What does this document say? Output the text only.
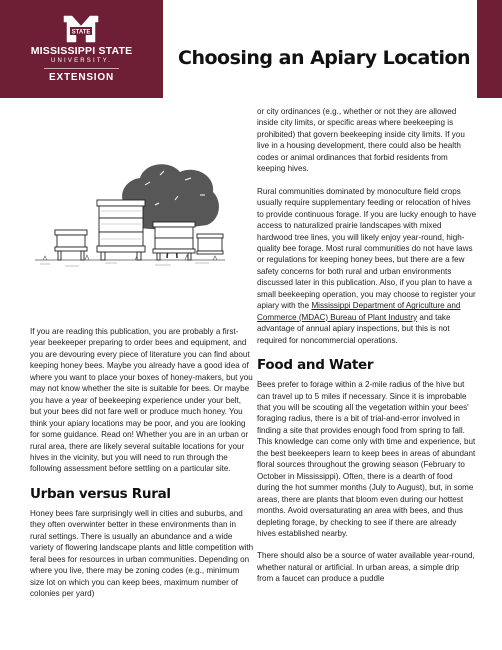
STATE
MISSISSIPPI STATE
UNIVERSITY.
EXTENSION
Choosing an Apiary Location

If you are reading this publication, you are probably a first-year beekeeper preparing to order bees and equipment, and you are devouring every piece of literature you can find about keeping honey bees. Maybe you already have a good idea of where you want to place your boxes of honey-makers, but you may not know whether the site is suitable for bees. Or maybe you have a year of beekeeping experience under your belt, but your bees did not fare well or produce much honey. You think your apiary locations may be poor, and you are looking for some guidance. Read on! Whether you are in an urban or rural area, there are likely several suitable locations for your hives in the vicinity, but you will need to run through the following assessment before settling on a particular site.

Urban versus Rural

Honey bees fare surprisingly well in cities and suburbs, and they often overwinter better in these environments than in rural settings. There is usually an abundance and a wide variety of flowering landscape plants and little competition with feral bees for resources in urban communities. Depending on where you live, there may be zoning codes (e.g., minimum size lot on which you can keep bees, maximum number of colonies per yard)

or city ordinances (e.g., whether or not they are allowed inside city limits, or specific areas where beekeeping is prohibited) that govern beekeeping inside city limits. If you live in a housing development, there could also be health codes or animal ordinances that forbid residents from keeping hives.

Rural communities dominated by monoculture field crops usually require supplementary feeding or relocation of hives to provide continuous forage. If you are lucky enough to have access to naturalized prairie landscapes with mixed hardwood tree lines, you will likely enjoy year-round, high-quality bee forage. Most rural communities do not have laws or regulations for keeping honey bees, but there are a few safety concerns for both rural and urban environments discussed later in this publication. Also, if you plan to have a small beekeeping operation, you may choose to register your apiary with the Mississippi Department of Agriculture and Commerce (MDAC) Bureau of Plant Industry and take advantage of annual apiary inspections, but this is not required for noncommercial operations.

Food and Water

Bees prefer to forage within a 2-mile radius of the hive but can travel up to 5 miles if necessary. Since it is improbable that you will be scouting all the vegetation within your bees' foraging radius, there is a bit of trial-and-error involved in finding a site that provides enough food from spring to fall. This knowledge can come only with time and experience, but the best beekeepers learn to keep bees in areas of abundant floral sources throughout the growing season (February to October in Mississippi). Often, there is a dearth of food during the hot summer months (July to August), but, in some areas, there are plants that bloom even during our hottest months. Avoid oversaturating an area with bees, and thus depleting forage, by checking to see if there are already hives established nearby.

There should also be a source of water available year-round, whether natural or artificial. In urban areas, a simple drip from a faucet can produce a puddle
